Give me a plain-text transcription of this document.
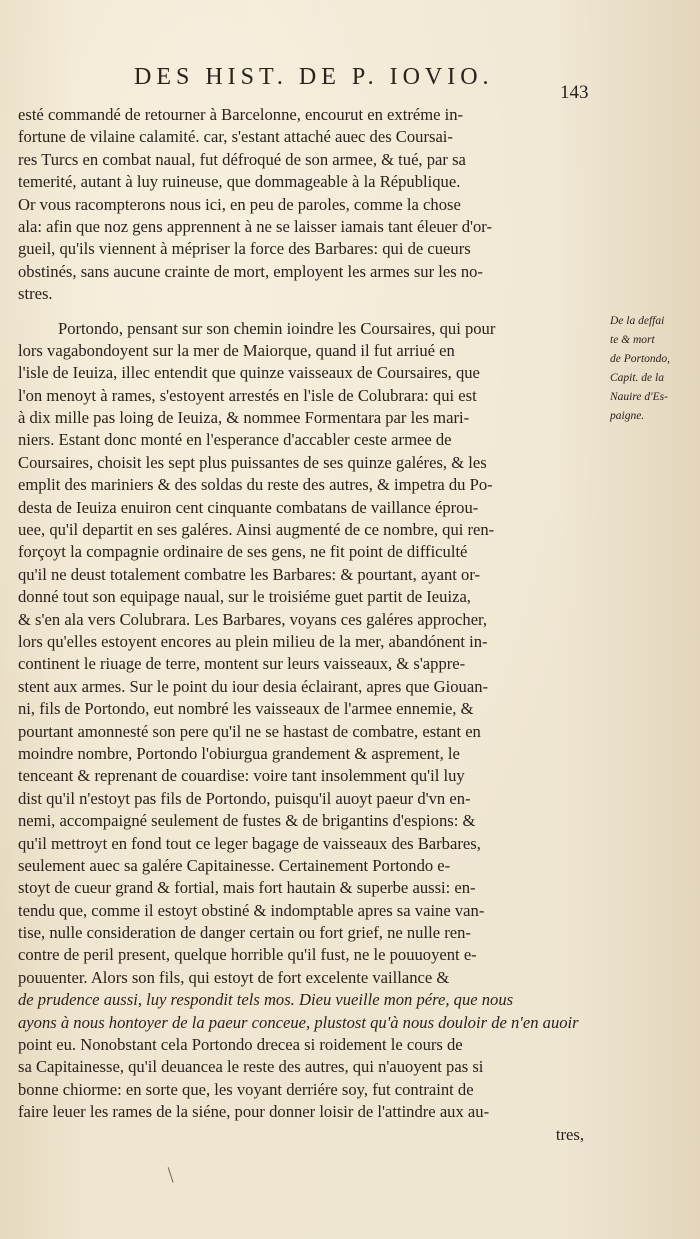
DES HIST. DE P. IOVIO.
143
esté commandé de retourner à Barcelonne, encourut en extréme in-
fortune de vilaine calamité. car, s'estant attaché auec des Coursai-
res Turcs en combat naual, fut défroqué de son armee, & tué, par sa
temerité, autant à luy ruineuse, que dommageable à la République.
Or vous racompterons nous ici, en peu de paroles, comme la chose
ala: afin que noz gens apprennent à ne se laisser iamais tant éleuer d'or-
gueil, qu'ils viennent à mépriser la force des Barbares: qui de cueurs
obstinés, sans aucune crainte de mort, employent les armes sur les no-
stres.
Portondo, pensant sur son chemin ioindre les Coursaires, qui pour
lors vagabondoyent sur la mer de Maiorque, quand il fut arriué en
l'isle de Ieuiza, illec entendit que quinze vaisseaux de Coursaires, que
l'on menoyt à rames, s'estoyent arrestés en l'isle de Colubrara: qui est
à dix mille pas loing de Ieuiza, & nommee Formentara par les mari-
niers. Estant donc monté en l'esperance d'accabler ceste armee de
Coursaires, choisit les sept plus puissantes de ses quinze galéres, & les
emplit des mariniers & des soldas du reste des autres, & impetra du Po-
desta de Ieuiza enuiron cent cinquante combatans de vaillance éprou-
uee, qu'il departit en ses galéres. Ainsi augmenté de ce nombre, qui ren-
forçoyt la compagnie ordinaire de ses gens, ne fit point de difficulté
qu'il ne deust totalement combatre les Barbares: & pourtant, ayant or-
donné tout son equipage naual, sur le troisiéme guet partit de Ieuiza,
& s'en ala vers Colubrara. Les Barbares, voyans ces galéres approcher,
lors qu'elles estoyent encores au plein milieu de la mer, abandónent in-
continent le riuage de terre, montent sur leurs vaisseaux, & s'appre-
stent aux armes. Sur le point du iour desia éclairant, apres que Giouan-
ni, fils de Portondo, eut nombré les vaisseaux de l'armee ennemie, &
pourtant amonnesté son pere qu'il ne se hastast de combatre, estant en
moindre nombre, Portondo l'obiurgua grandement & asprement, le
tenceant & reprenant de couardise: voire tant insolemment qu'il luy
dist qu'il n'estoyt pas fils de Portondo, puisqu'il auoyt paeur d'vn en-
nemi, accompaigné seulement de fustes & de brigantins d'espions: &
qu'il mettroyt en fond tout ce leger bagage de vaisseaux des Barbares,
seulement auec sa galére Capitainesse. Certainement Portondo e-
stoyt de cueur grand & fortial, mais fort hautain & superbe aussi: en-
tendu que, comme il estoyt obstiné & indomptable apres sa vaine van-
tise, nulle consideration de danger certain ou fort grief, ne nulle ren-
contre de peril present, quelque horrible qu'il fust, ne le pouuoyent e-
pouuenter. Alors son fils, qui estoyt de fort excelente vaillance &
de prudence aussi, luy respondit tels mos. Dieu vueille mon pére, que nous
ayons à nous hontoyer de la paeur conceue, plustost qu'à nous douloir de n'en auoir
point eu. Nonobstant cela Portondo drecea si roidement le cours de
sa Capitainesse, qu'il deuancea le reste des autres, qui n'auoyent pas si
bonne chiorme: en sorte que, les voyant derriére soy, fut contraint de
faire leuer les rames de la siéne, pour donner loisir de l'attindre aux au-
tres,
De la deffai
te & mort
de Portondo,
Capit. de la
Nauire d'Es-
paigne.
